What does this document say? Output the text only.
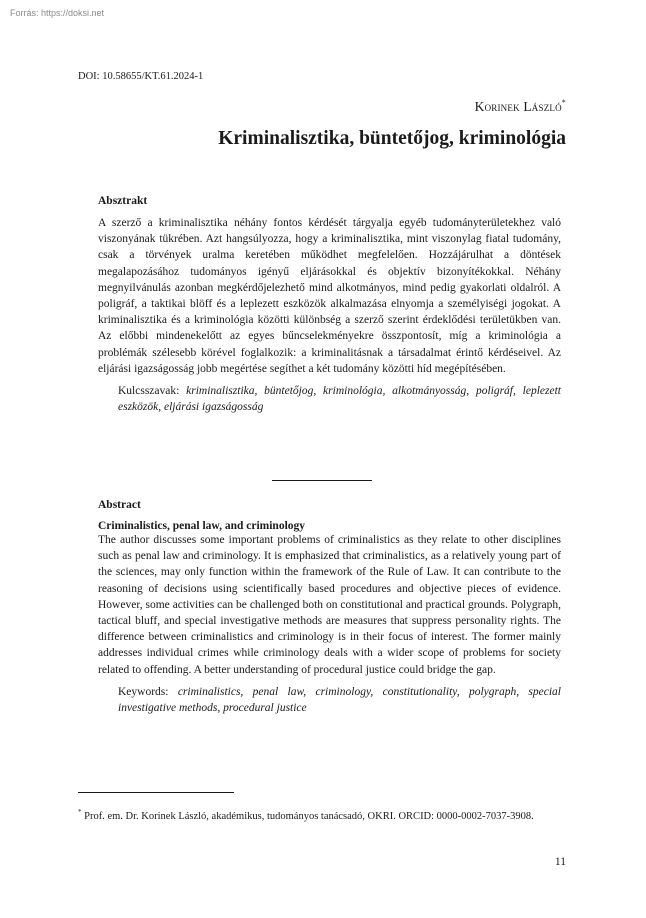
Forrás: https://doksi.net
DOI: 10.58655/KT.61.2024-1
Korinek László*
Kriminalisztika, büntetőjog, kriminológia
Absztrakt

A szerző a kriminalisztika néhány fontos kérdését tárgyalja egyéb tudományterületekhez való viszonyának tükrében. Azt hangsúlyozza, hogy a kriminalisztika, mint viszonylag fiatal tudomány, csak a törvények uralma keretében működhet megfelelően. Hozzájárulhat a döntések megalapozásához tudományos igényű eljárásokkal és objektív bizonyítékokkal. Néhány megnyilvánulás azonban megkérdőjelezhető mind alkotmányos, mind pedig gyakorlati oldalról. A poligráf, a taktikai blöff és a leplezett eszközök alkalmazása elnyomja a személyiségi jogokat. A kriminalisztika és a kriminológia közötti különbség a szerző szerint érdeklődési területükben van. Az előbbi mindenekelőtt az egyes bűncselekményekre összpontosít, míg a kriminológia a problémák szélesebb körével foglalkozik: a kriminalitásnak a társadalmat érintő kérdéseivel. Az eljárási igazságosság jobb megértése segíthet a két tudomány közötti híd megépítésében.

Kulcsszavak: kriminalisztika, büntetőjog, kriminológia, alkotmányosság, poligráf, leplezett eszközök, eljárási igazságosság

Abstract
Criminalistics, penal law, and criminology

The author discusses some important problems of criminalistics as they relate to other disciplines such as penal law and criminology. It is emphasized that criminalistics, as a relatively young part of the sciences, may only function within the framework of the Rule of Law. It can contribute to the reasoning of decisions using scientifically based procedures and objective pieces of evidence. However, some activities can be challenged both on constitutional and practical grounds. Polygraph, tactical bluff, and special investigative methods are measures that suppress personality rights. The difference between criminalistics and criminology is in their focus of interest. The former mainly addresses individual crimes while criminology deals with a wider scope of problems for society related to offending. A better understanding of procedural justice could bridge the gap.

Keywords: criminalistics, penal law, criminology, constitutionality, polygraph, special investigative methods, procedural justice

* Prof. em. Dr. Korinek László, akadémikus, tudományos tanácsadó, OKRI. ORCID: 0000-0002-7037-3908.
11
